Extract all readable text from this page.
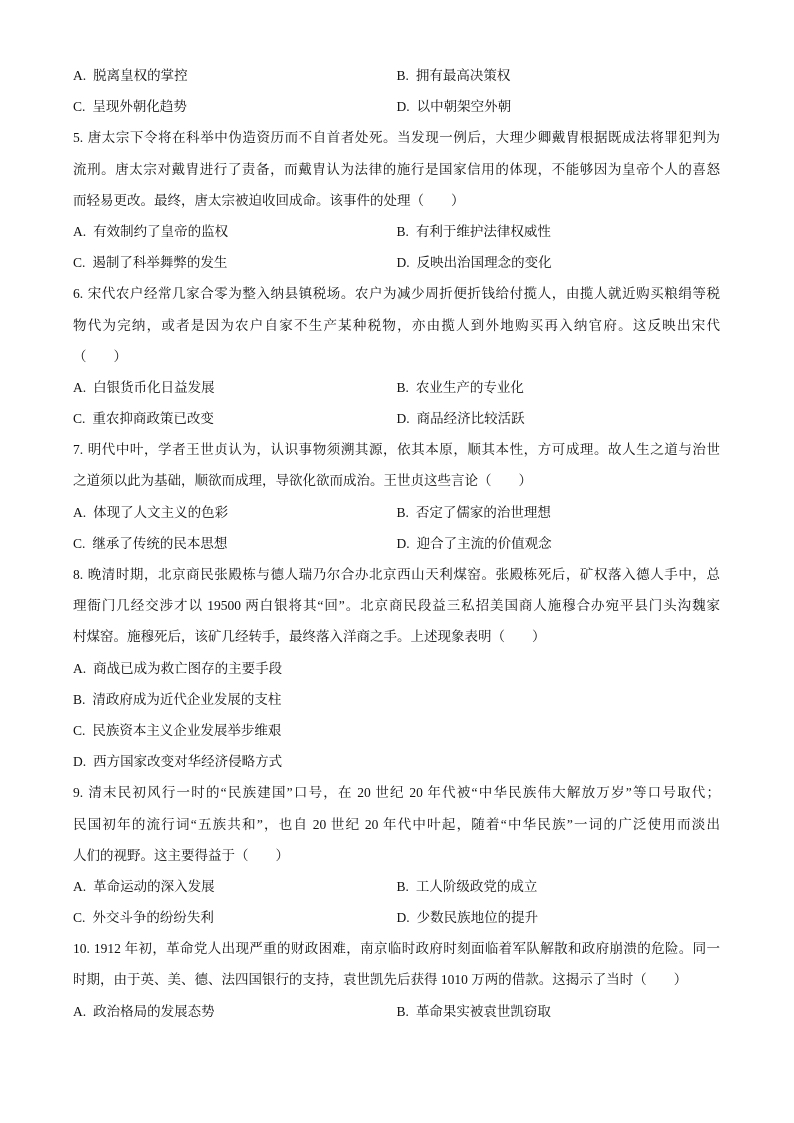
A. 脱离皇权的掌控	B. 拥有最高决策权
C. 呈现外朝化趋势	D. 以中朝架空外朝
5. 唐太宗下令将在科举中伪造资历而不自首者处死。当发现一例后，大理少卿戴胄根据既成法将罪犯判为
流刑。唐太宗对戴胄进行了责备，而戴胄认为法律的施行是国家信用的体现，不能够因为皇帝个人的喜怒
而轻易更改。最终，唐太宗被迫收回成命。该事件的处理（　　）
A. 有效制约了皇帝的监权	B. 有利于维护法律权威性
C. 遏制了科举舞弊的发生	D. 反映出治国理念的变化
6. 宋代农户经常几家合零为整入纳县镇税场。农户为减少周折便折钱给付揽人，由揽人就近购买粮绢等税
物代为完纳，或者是因为农户自家不生产某种税物，亦由揽人到外地购买再入纳官府。这反映出宋代
（　　）
A. 白银货币化日益发展	B. 农业生产的专业化
C. 重农抑商政策已改变	D. 商品经济比较活跃
7. 明代中叶，学者王世贞认为，认识事物须溯其源，依其本原，顺其本性，方可成理。故人生之道与治世
之道须以此为基础，顺欲而成理，导欲化欲而成治。王世贞这些言论（　　）
A. 体现了人文主义的色彩	B. 否定了儒家的治世理想
C. 继承了传统的民本思想	D. 迎合了主流的价值观念
8. 晚清时期，北京商民张殿栋与德人瑞乃尔合办北京西山天利煤窑。张殿栋死后，矿权落入德人手中，总
理衙门几经交涉才以 19500 两白银将其“回”。北京商民段益三私招美国商人施穆合办宛平县门头沟魏家
村煤窑。施穆死后，该矿几经转手，最终落入洋商之手。上述现象表明（　　）
A. 商战已成为救亡图存的主要手段
B. 清政府成为近代企业发展的支柱
C. 民族资本主义企业发展举步维艰
D. 西方国家改变对华经济侵略方式
9. 清末民初风行一时的“民族建国”口号，在 20 世纪 20 年代被“中华民族伟大解放万岁”等口号取代；
民国初年的流行词“五族共和”，也自 20 世纪 20 年代中叶起，随着“中华民族”一词的广泛使用而淡出
人们的视野。这主要得益于（　　）
A. 革命运动的深入发展	B. 工人阶级政党的成立
C. 外交斗争的纷纷失利	D. 少数民族地位的提升
10. 1912 年初，革命党人出现严重的财政困难，南京临时政府时刻面临着军队解散和政府崩溃的危险。同一
时期，由于英、美、德、法四国银行的支持，袁世凯先后获得 1010 万两的借款。这揭示了当时（　　）
A. 政治格局的发展态势	B. 革命果实被袁世凯窃取
